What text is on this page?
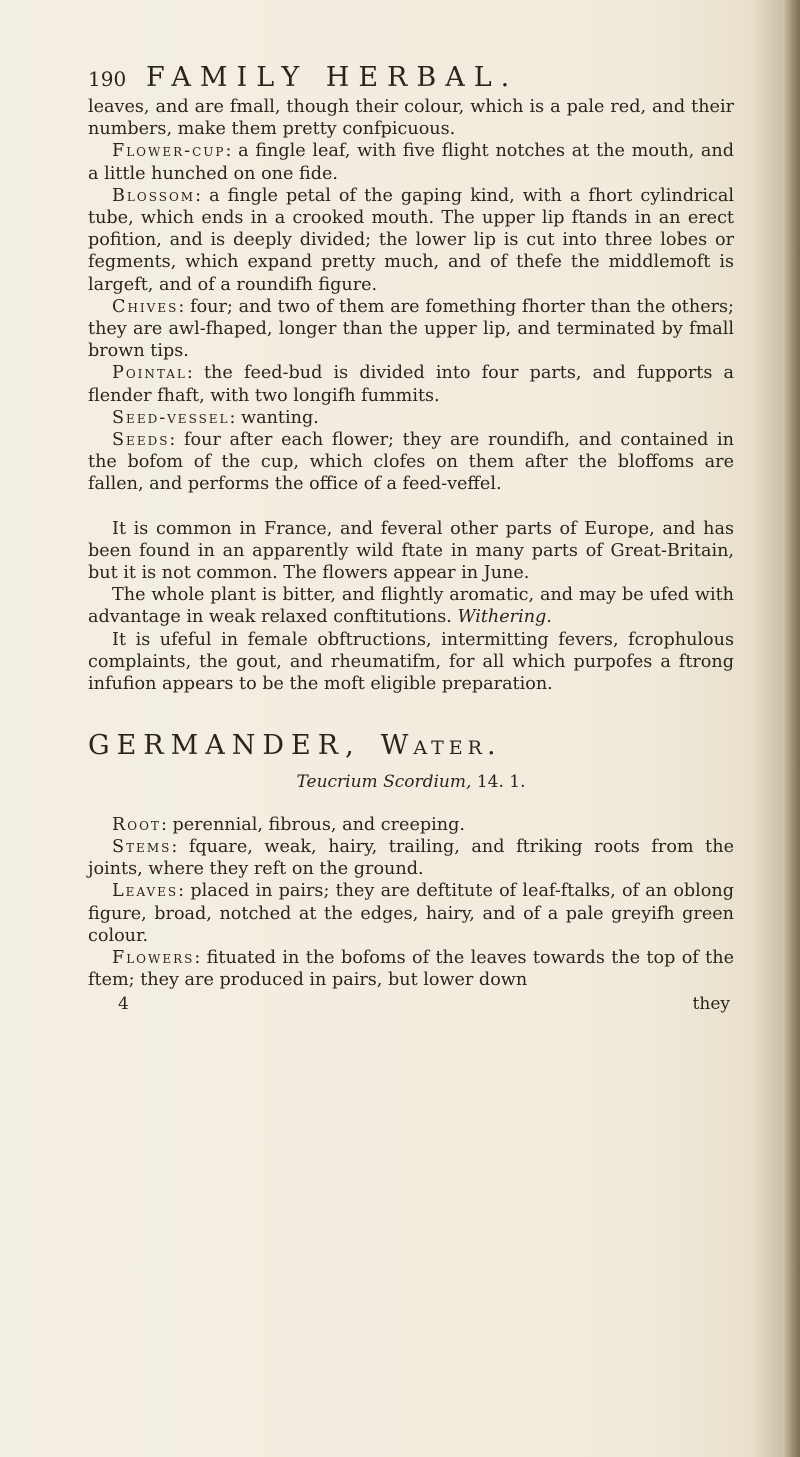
190 FAMILY HERBAL.

leaves, and are fmall, though their colour, which is a pale red, and their numbers, make them pretty confpicuous.

Flower-cup: a fingle leaf, with five flight notches at the mouth, and a little hunched on one fide.

Blossom: a fingle petal of the gaping kind, with a fhort cylindrical tube, which ends in a crooked mouth. The upper lip ftands in an erect pofition, and is deeply divided; the lower lip is cut into three lobes or fegments, which expand pretty much, and of thefe the middlemoft is largeft, and of a roundifh figure.

Chives: four; and two of them are fomething fhorter than the others; they are awl-fhaped, longer than the upper lip, and terminated by fmall brown tips.

Pointal: the feed-bud is divided into four parts, and fupports a flender fhaft, with two longifh fummits.

Seed-vessel: wanting.

Seeds: four after each flower; they are roundifh, and contained in the bofom of the cup, which clofes on them after the bloffoms are fallen, and performs the office of a feed-veffel.

It is common in France, and feveral other parts of Europe, and has been found in an apparently wild ftate in many parts of Great-Britain, but it is not common. The flowers appear in June.

The whole plant is bitter, and flightly aromatic, and may be ufed with advantage in weak relaxed conftitutions. Withering.

It is ufeful in female obftructions, intermitting fevers, fcrophulous complaints, the gout, and rheumatifm, for all which purpofes a ftrong infufion appears to be the moft eligible preparation.

GERMANDER, Water.
Teucrium Scordium, 14. 1.

Root: perennial, fibrous, and creeping.

Stems: fquare, weak, hairy, trailing, and ftriking roots from the joints, where they reft on the ground.

Leaves: placed in pairs; they are deftitute of leaf-ftalks, of an oblong figure, broad, notched at the edges, hairy, and of a pale greyifh green colour.

Flowers: fituated in the bofoms of the leaves towards the top of the ftem; they are produced in pairs, but lower down

4	they
